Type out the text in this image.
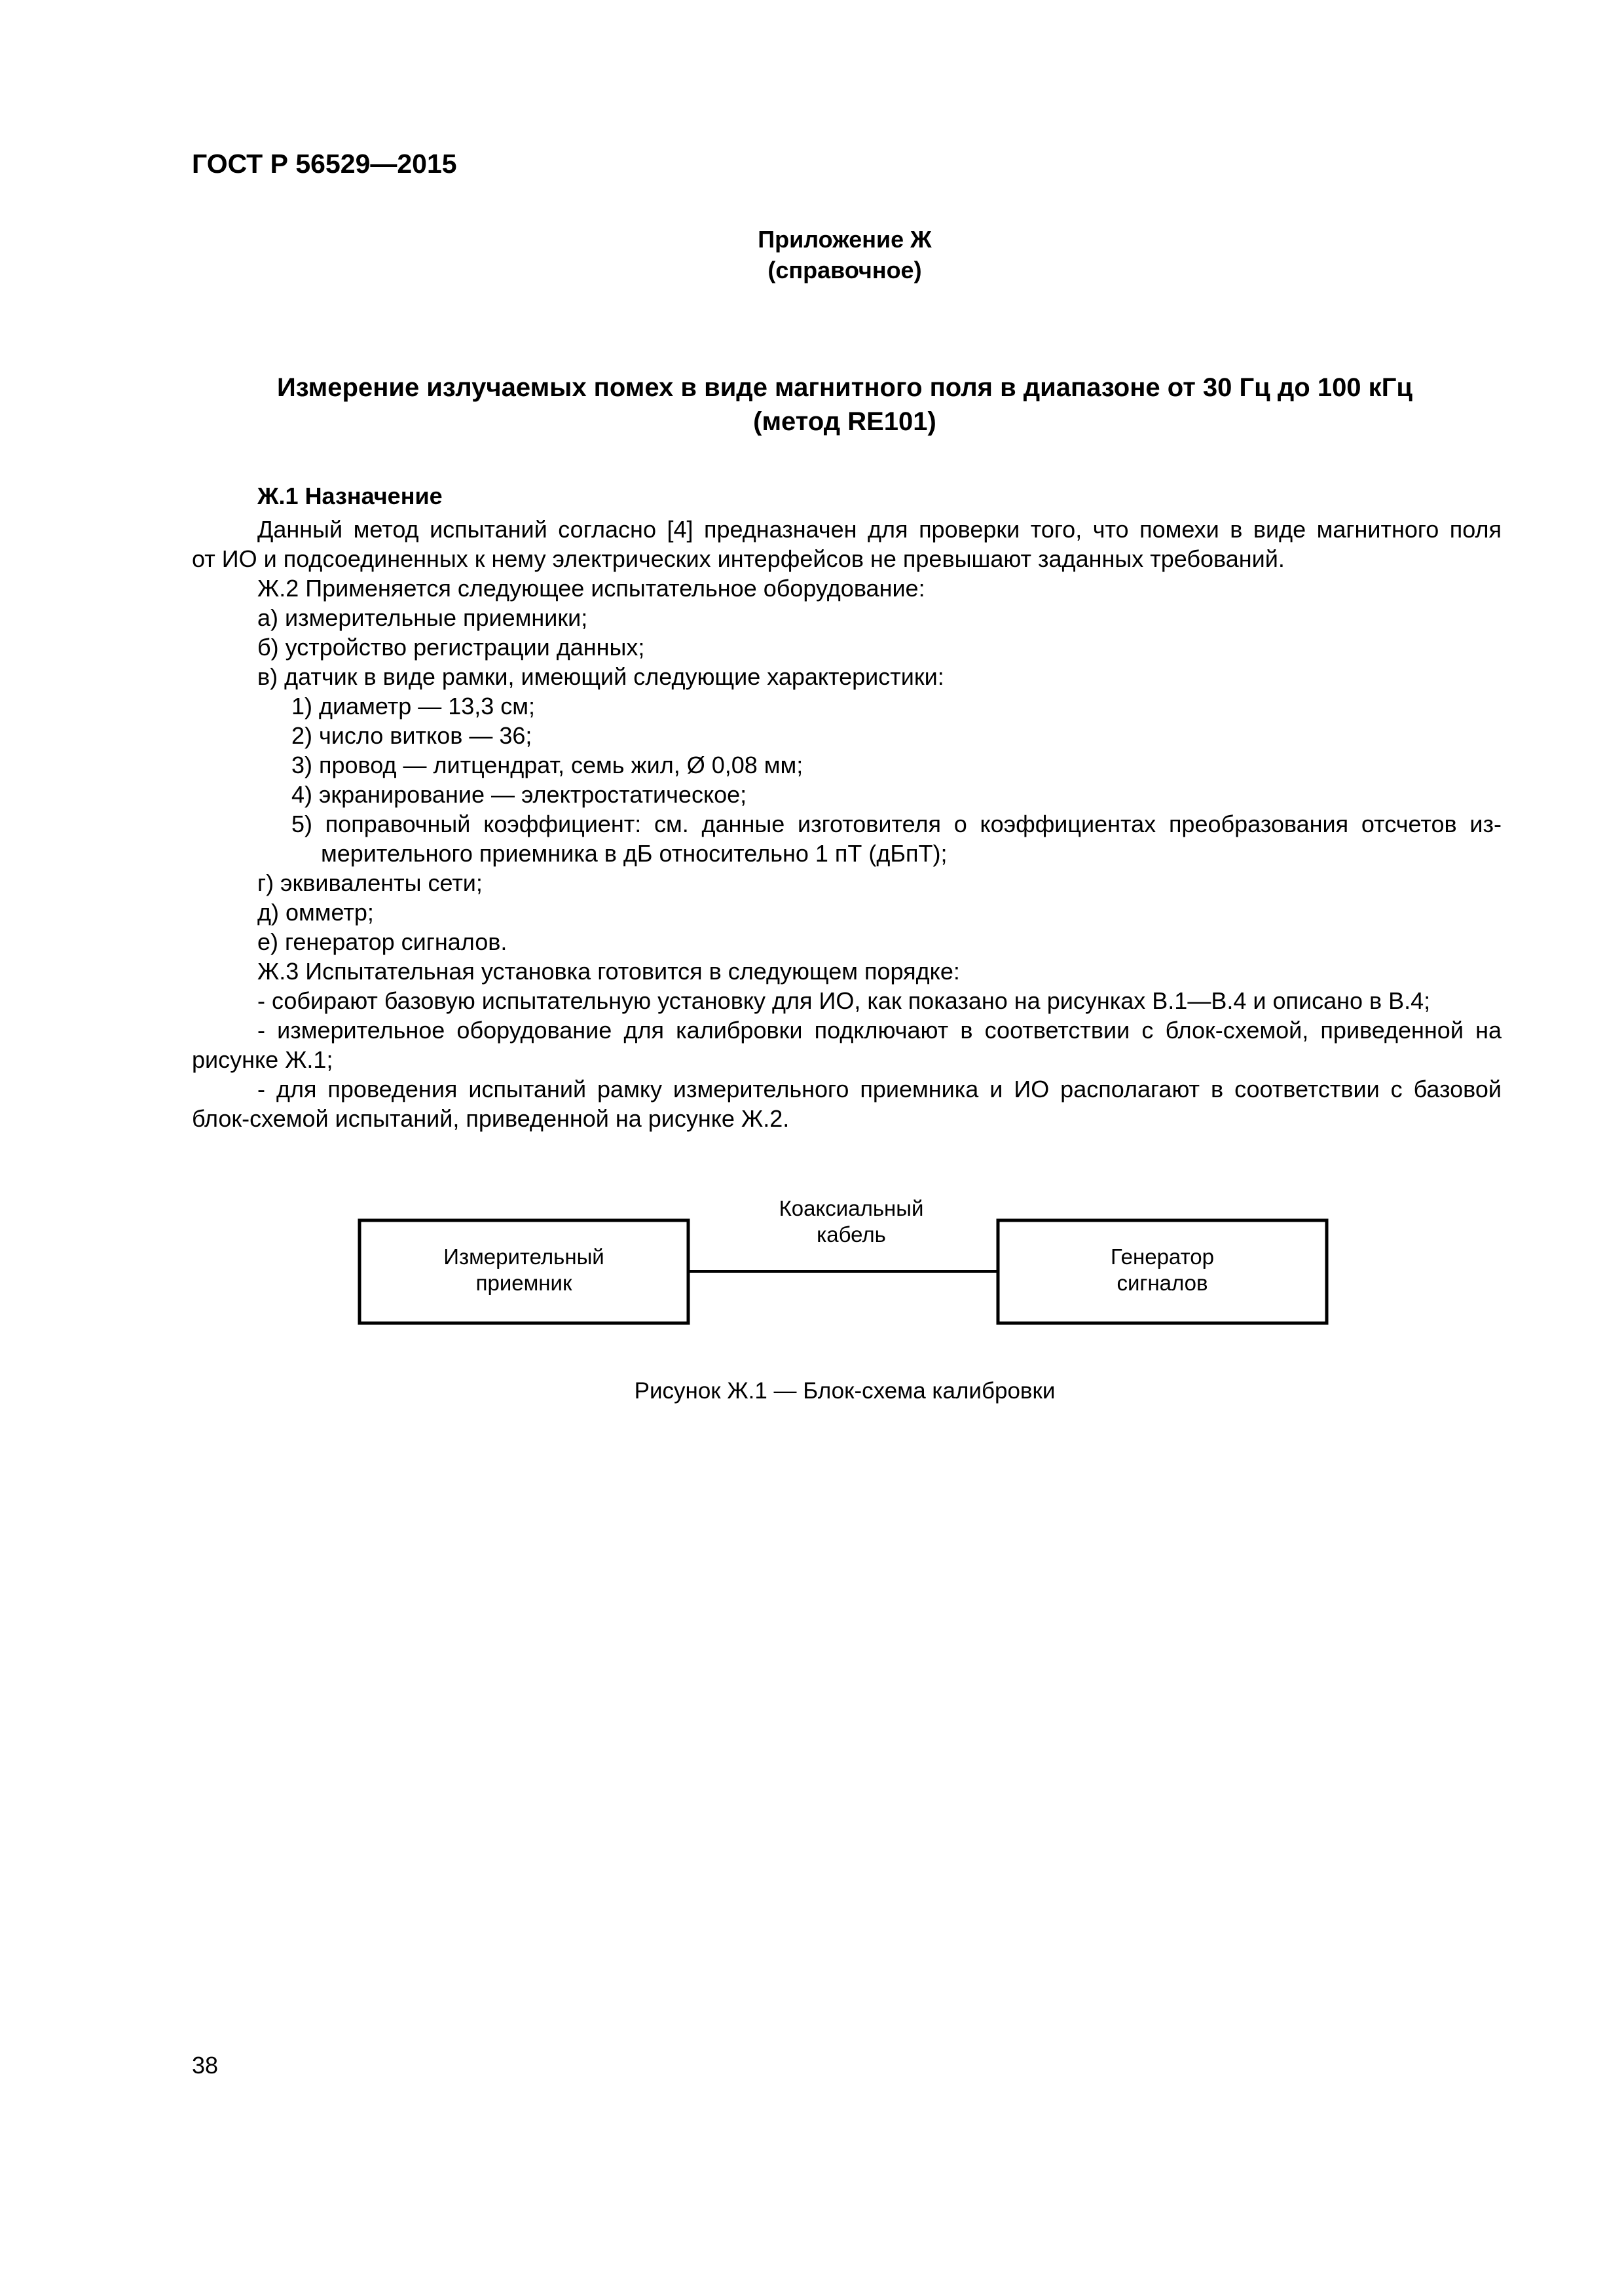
ГОСТ Р 56529—2015
Приложение Ж
(справочное)
Измерение излучаемых помех в виде магнитного поля в диапазоне от 30 Гц до 100 кГц
(метод RE101)
Ж.1 Назначение
Данный метод испытаний согласно [4] предназначен для проверки того, что помехи в виде магнитного поля
от ИО и подсоединенных к нему электрических интерфейсов не превышают заданных требований.
Ж.2 Применяется следующее испытательное оборудование:
а) измерительные приемники;
б) устройство регистрации данных;
в) датчик в виде рамки, имеющий следующие характеристики:
1) диаметр — 13,3 см;
2) число витков — 36;
3) провод — литцендрат, семь жил, Ø 0,08 мм;
4) экранирование — электростатическое;
5) поправочный коэффициент: см. данные изготовителя о коэффициентах преобразования отсчетов из-
мерительного приемника в дБ относительно 1 пТ (дБпТ);
г) эквиваленты сети;
д) омметр;
е) генератор сигналов.
Ж.3 Испытательная установка готовится в следующем порядке:
- собирают базовую испытательную установку для ИО, как показано на рисунках В.1—В.4 и описано в В.4;
- измерительное оборудование для калибровки подключают в соответствии с блок-схемой, приведенной на
рисунке Ж.1;
- для проведения испытаний рамку измерительного приемника и ИО располагают в соответствии с базовой
блок-схемой испытаний, приведенной на рисунке Ж.2.
Измерительный
приемник
Коаксиальный
кабель
Генератор
сигналов
Рисунок Ж.1 — Блок-схема калибровки
38
